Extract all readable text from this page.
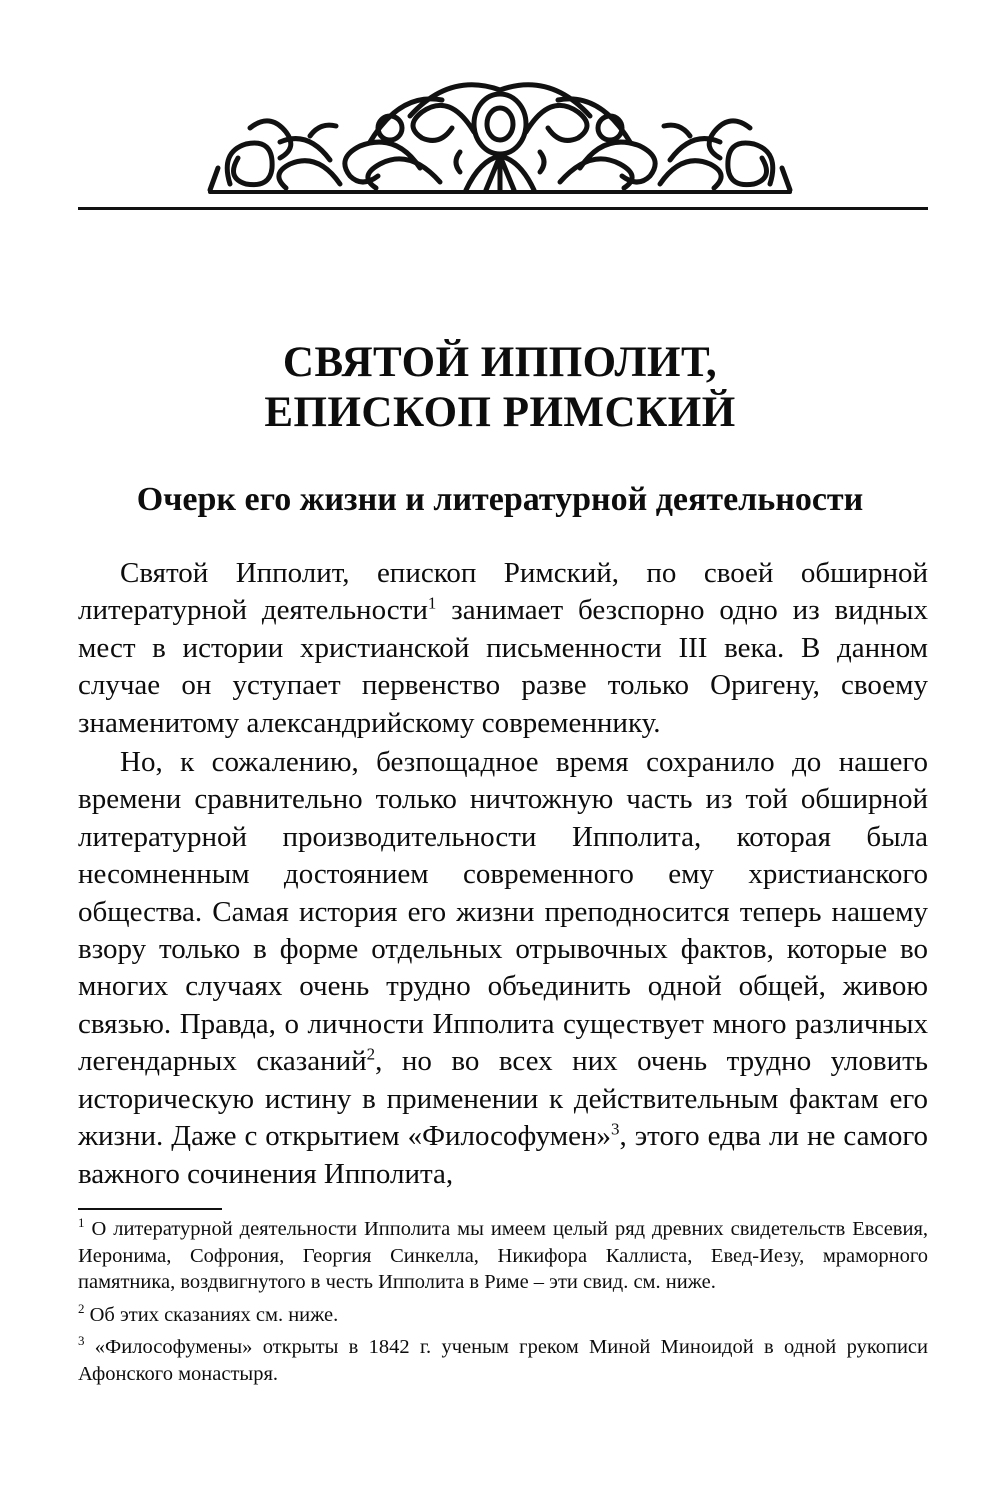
СВЯТОЙ ИППОЛИТ,
ЕПИСКОП РИМСКИЙ
Очерк его жизни и литературной деятельности

Святой Ипполит, епископ Римский, по своей обширной литературной деятельности$^1$ занимает безспорно одно из видных мест в истории христианской письменности III века. В данном случае он уступает первенство разве только Оригену, своему знаменитому александрийскому современнику.

Но, к сожалению, безпощадное время сохранило до нашего времени сравнительно только ничтожную часть из той обширной литературной производительности Ипполита, которая была несомненным достоянием современного ему христианского общества. Самая история его жизни преподносится теперь нашему взору только в форме отдельных отрывочных фактов, которые во многих случаях очень трудно объединить одной общей, живою связью. Правда, о личности Ипполита существует много различных легендарных сказаний$^2$, но во всех них очень трудно уловить историческую истину в применении к действительным фактам его жизни. Даже с открытием «Философумен»$^3$, этого едва ли не самого важного сочинения Ипполита,

$^1$ О литературной деятельности Ипполита мы имеем целый ряд древних свидетельств Евсевия, Иеронима, Софрония, Георгия Синкелла, Никифора Каллиста, Евед-Иезу, мраморного памятника, воздвигнутого в честь Ипполита в Риме – эти свид. см. ниже.

$^2$ Об этих сказаниях см. ниже.

$^3$ «Философумены» открыты в 1842 г. ученым греком Миной Миноидой в одной рукописи Афонского монастыря.
